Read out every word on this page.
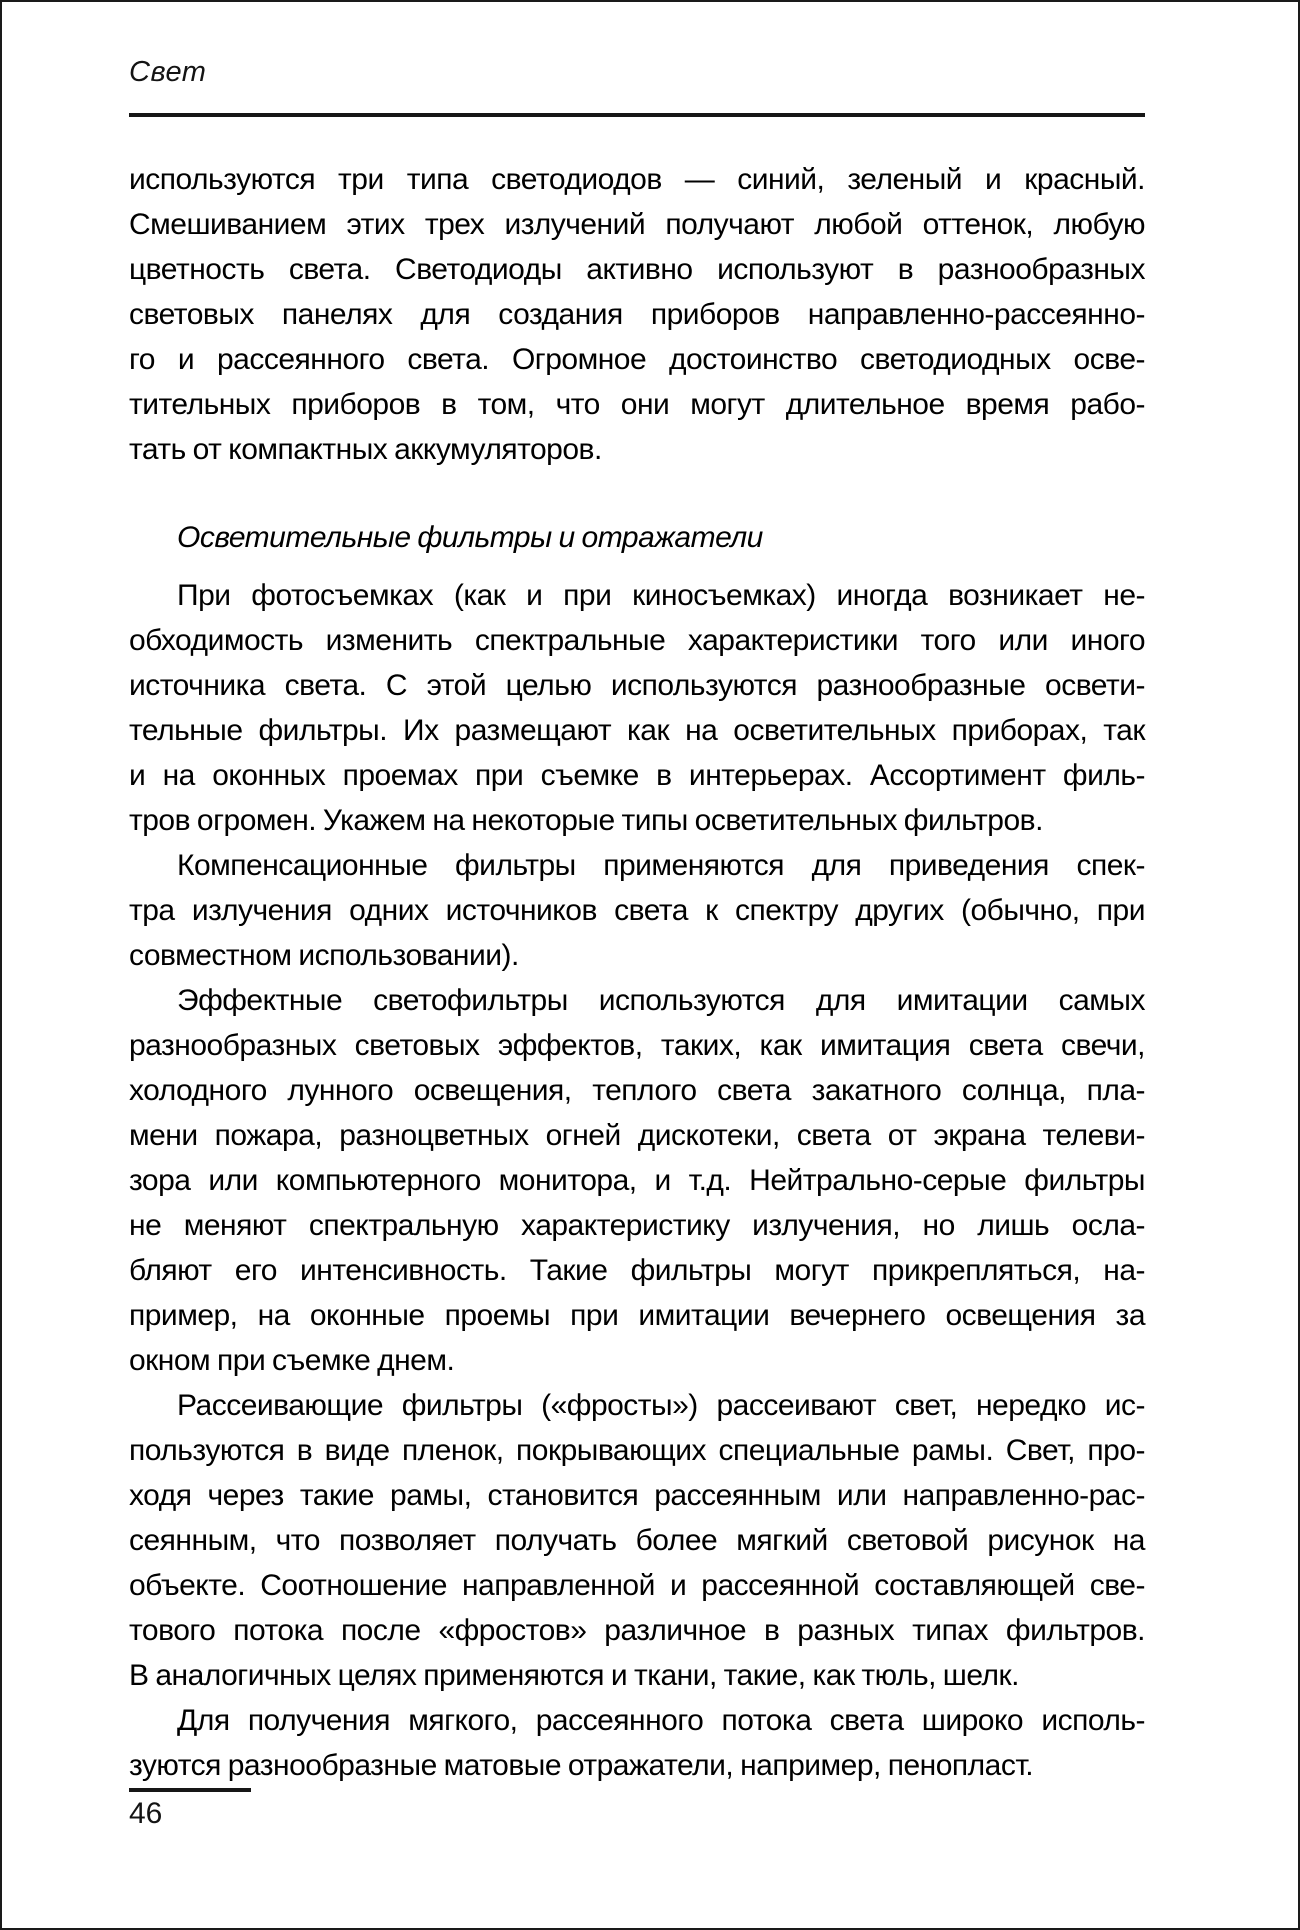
Свет
используются три типа светодиодов — синий, зеленый и красный.
Смешиванием этих трех излучений получают любой оттенок, любую
цветность света. Светодиоды активно используют в разнообразных
световых панелях для создания приборов направленно-рассеянно-
го и рассеянного света. Огромное достоинство светодиодных осве-
тительных приборов в том, что они могут длительное время рабо-
тать от компактных аккумуляторов.
Осветительные фильтры и отражатели
При фотосъемках (как и при киносъемках) иногда возникает не-
обходимость изменить спектральные характеристики того или иного
источника света. С этой целью используются разнообразные освети-
тельные фильтры. Их размещают как на осветительных приборах, так
и на оконных проемах при съемке в интерьерах. Ассортимент филь-
тров огромен. Укажем на некоторые типы осветительных фильтров.
Компенсационные фильтры применяются для приведения спек-
тра излучения одних источников света к спектру других (обычно, при
совместном использовании).
Эффектные светофильтры используются для имитации самых
разнообразных световых эффектов, таких, как имитация света свечи,
холодного лунного освещения, теплого света закатного солнца, пла-
мени пожара, разноцветных огней дискотеки, света от экрана телеви-
зора или компьютерного монитора, и т.д. Нейтрально-серые фильтры
не меняют спектральную характеристику излучения, но лишь осла-
бляют его интенсивность. Такие фильтры могут прикрепляться, на-
пример, на оконные проемы при имитации вечернего освещения за
окном при съемке днем.
Рассеивающие фильтры («фросты») рассеивают свет, нередко ис-
пользуются в виде пленок, покрывающих специальные рамы. Свет, про-
ходя через такие рамы, становится рассеянным или направленно-рас-
сеянным, что позволяет получать более мягкий световой рисунок на
объекте. Соотношение направленной и рассеянной составляющей све-
тового потока после «фростов» различное в разных типах фильтров.
В аналогичных целях применяются и ткани, такие, как тюль, шелк.
Для получения мягкого, рассеянного потока света широко исполь-
зуются разнообразные матовые отражатели, например, пенопласт.
46
